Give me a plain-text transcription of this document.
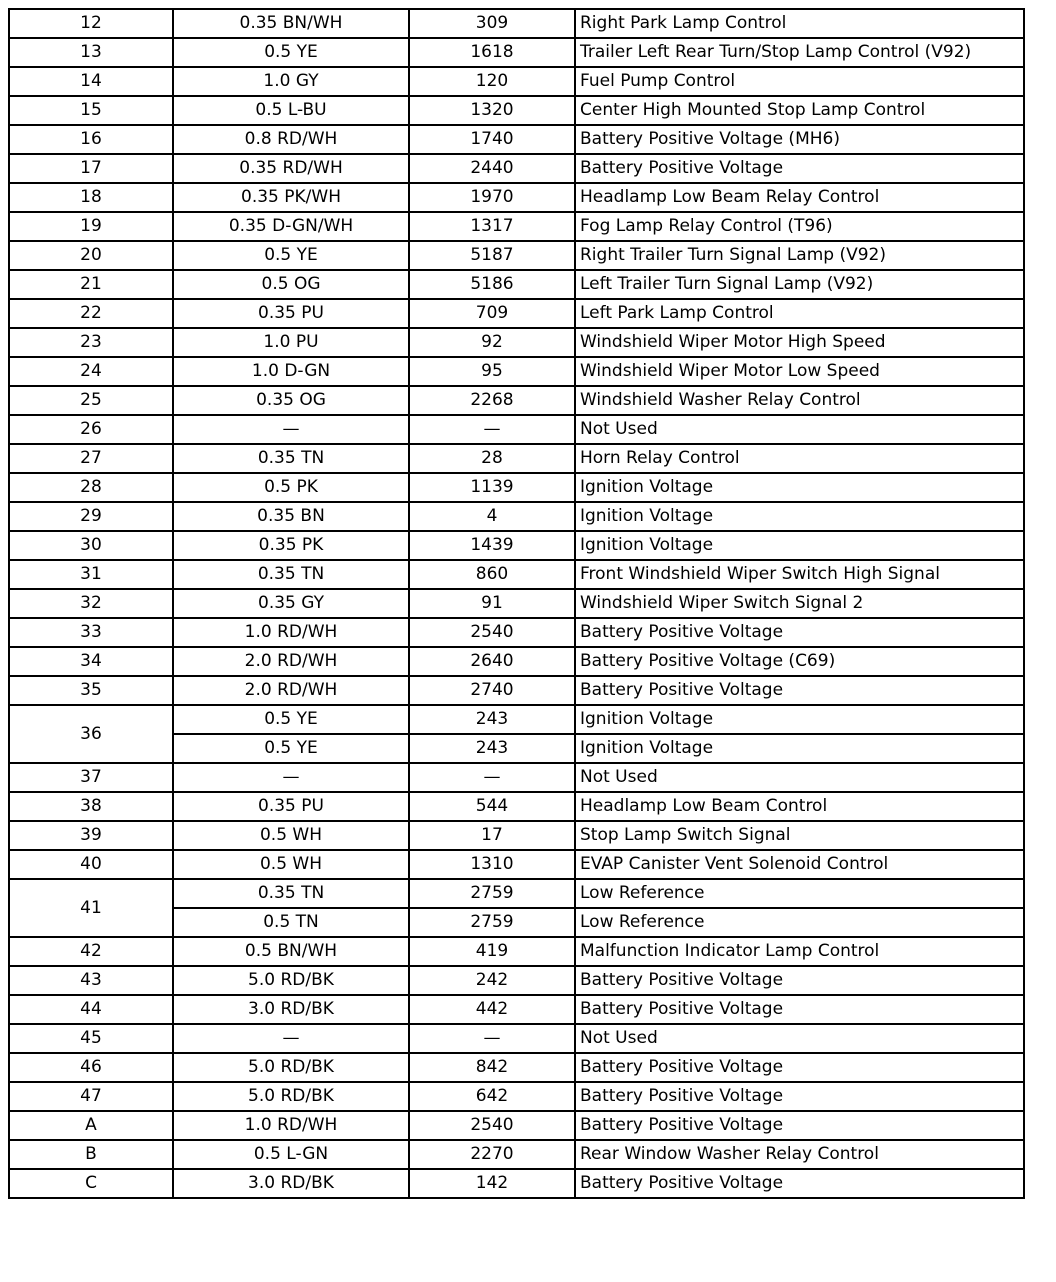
12	0.35 BN/WH	309	Right Park Lamp Control
13	0.5 YE	1618	Trailer Left Rear Turn/Stop Lamp Control (V92)
14	1.0 GY	120	Fuel Pump Control
15	0.5 L-BU	1320	Center High Mounted Stop Lamp Control
16	0.8 RD/WH	1740	Battery Positive Voltage (MH6)
17	0.35 RD/WH	2440	Battery Positive Voltage
18	0.35 PK/WH	1970	Headlamp Low Beam Relay Control
19	0.35 D-GN/WH	1317	Fog Lamp Relay Control (T96)
20	0.5 YE	5187	Right Trailer Turn Signal Lamp (V92)
21	0.5 OG	5186	Left Trailer Turn Signal Lamp (V92)
22	0.35 PU	709	Left Park Lamp Control
23	1.0 PU	92	Windshield Wiper Motor High Speed
24	1.0 D-GN	95	Windshield Wiper Motor Low Speed
25	0.35 OG	2268	Windshield Washer Relay Control
26	—	—	Not Used
27	0.35 TN	28	Horn Relay Control
28	0.5 PK	1139	Ignition Voltage
29	0.35 BN	4	Ignition Voltage
30	0.35 PK	1439	Ignition Voltage
31	0.35 TN	860	Front Windshield Wiper Switch High Signal
32	0.35 GY	91	Windshield Wiper Switch Signal 2
33	1.0 RD/WH	2540	Battery Positive Voltage
34	2.0 RD/WH	2640	Battery Positive Voltage (C69)
35	2.0 RD/WH	2740	Battery Positive Voltage
36	0.5 YE	243	Ignition Voltage
	0.5 YE	243	Ignition Voltage
37	—	—	Not Used
38	0.35 PU	544	Headlamp Low Beam Control
39	0.5 WH	17	Stop Lamp Switch Signal
40	0.5 WH	1310	EVAP Canister Vent Solenoid Control
41	0.35 TN	2759	Low Reference
	0.5 TN	2759	Low Reference
42	0.5 BN/WH	419	Malfunction Indicator Lamp Control
43	5.0 RD/BK	242	Battery Positive Voltage
44	3.0 RD/BK	442	Battery Positive Voltage
45	—	—	Not Used
46	5.0 RD/BK	842	Battery Positive Voltage
47	5.0 RD/BK	642	Battery Positive Voltage
A	1.0 RD/WH	2540	Battery Positive Voltage
B	0.5 L-GN	2270	Rear Window Washer Relay Control
C	3.0 RD/BK	142	Battery Positive Voltage
